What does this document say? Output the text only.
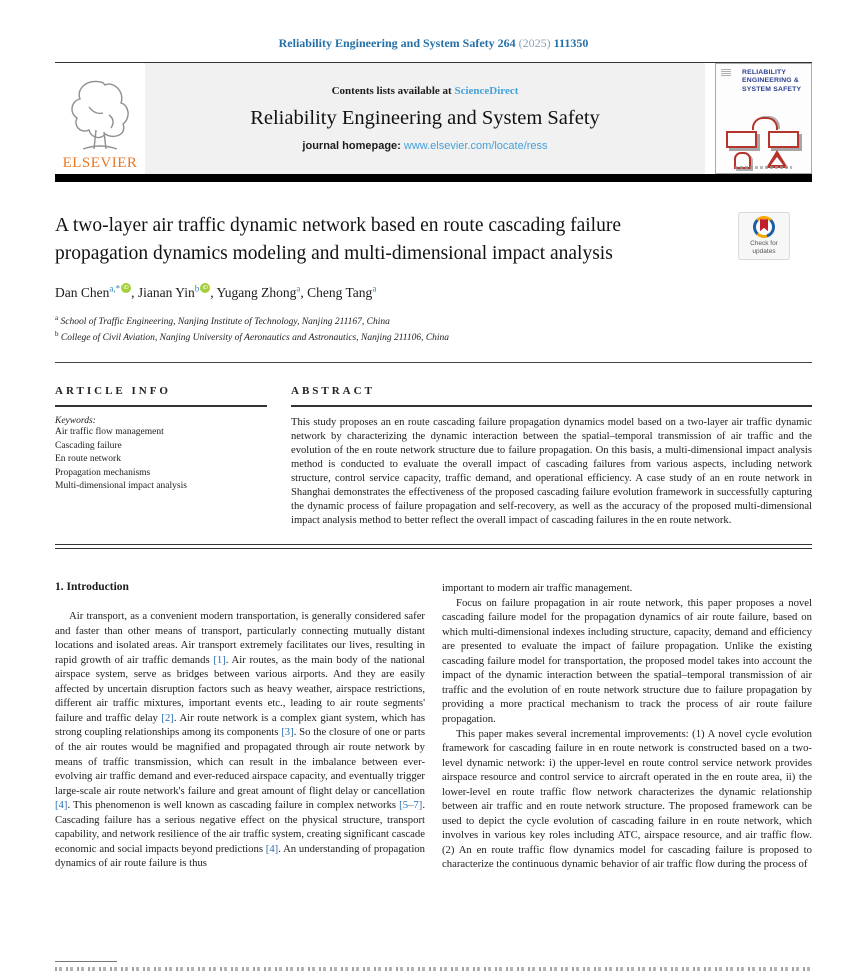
Reliability Engineering and System Safety 264 (2025) 111350
ELSEVIER
Contents lists available at ScienceDirect
Reliability Engineering and System Safety
journal homepage: www.elsevier.com/locate/ress
RELIABILITY ENGINEERING & SYSTEM SAFETY
A two-layer air traffic dynamic network based en route cascading failure propagation dynamics modeling and multi-dimensional impact analysis	Check for updates
Dan Chen$^{a,*}$iD , Jianan Yin$^b$iD , Yugang Zhong$^a$ , Cheng Tang$^a$
$^a$ School of Traffic Engineering, Nanjing Institute of Technology, Nanjing 211167, China
$^b$ College of Civil Aviation, Nanjing University of Aeronautics and Astronautics, Nanjing 211106, China
ARTICLE INFO
Keywords:
Air traffic flow management
Cascading failure
En route network
Propagation mechanisms
Multi-dimensional impact analysis
ABSTRACT

This study proposes an en route cascading failure propagation dynamics model based on a two-layer air traffic dynamic network by characterizing the dynamic interaction between the spatial–temporal transmission of air traffic and the evolution of the en route network structure due to failure propagation. On this basis, a multi-dimensional impact analysis method is conducted to evaluate the overall impact of cascading failures from various aspects, including network structure, control service capacity, traffic demand, and operational efficiency. A case study of an en route network in Shanghai demonstrates the effectiveness of the proposed cascading failure evolution framework in successfully capturing the dynamic process of failure propagation and self-recovery, as well as the accuracy of the proposed multi-dimensional impact analysis method to better reflect the overall impact of cascading failures in the en route network.

1. Introduction

Air transport, as a convenient modern transportation, is generally considered safer and faster than other means of transport, particularly connecting mutually distant locations and isolated areas. Air transport extremely facilitates our lives, resulting in rapid growth of air traffic demands [1]. Air routes, as the main body of the national airspace system, serve as bridges between various airports. And they are easily affected by uncertain disruption factors such as heavy weather, airspace restrictions, different air traffic mixtures, important events etc., leading to air route segments' failure and traffic delay [2]. Air route network is a complex giant system, which has strong coupling relationships among its components [3]. So the closure of one or parts of the air routes would be magnified and propagated through air route network by means of traffic transmission, which can result in the imbalance between ever-evolving air traffic demand and ever-reduced airspace capacity, and eventually trigger large-scale air route network's failure and great amount of flight delay or cancellation [4]. This phenomenon is well known as cascading failure in complex networks [5–7]. Cascading failure has a serious negative effect on the physical structure, transport capability, and network resilience of the air traffic system, creating significant cascade economic and social impacts beyond predictions [4]. An understanding of propagation dynamics of air route failure is thus

important to modern air traffic management.

Focus on failure propagation in air route network, this paper proposes a novel cascading failure model for the propagation dynamics of air route failure, based on which multi-dimensional indexes including structure, capacity, demand and efficiency are presented to evaluate the impact of failure propagation. Unlike the existing cascading failure model for transportation, the proposed model takes into account the impact of the dynamic interaction between the spatial–temporal transmission of air traffic and the evolution of en route network structure due to failure propagation by providing a more practical mechanism to track the process of air route failure propagation.

This paper makes several incremental improvements: (1) A novel cycle evolution framework for cascading failure in en route network is constructed based on a two-level dynamic network: i) the upper-level en route control service network provides airspace resource and control service to aircraft operated in the en route area, ii) the lower-level en route traffic flow network characterizes the dynamic relationship between air traffic and en route network structure. The proposed framework can be used to depict the cycle evolution of cascading failure in en route network, which involves in various key roles including ATC, airspace resource, and air traffic flow. (2) An en route traffic flow dynamics model for cascading failure is proposed to characterize the continuous dynamic behavior of air traffic flow during the process of
